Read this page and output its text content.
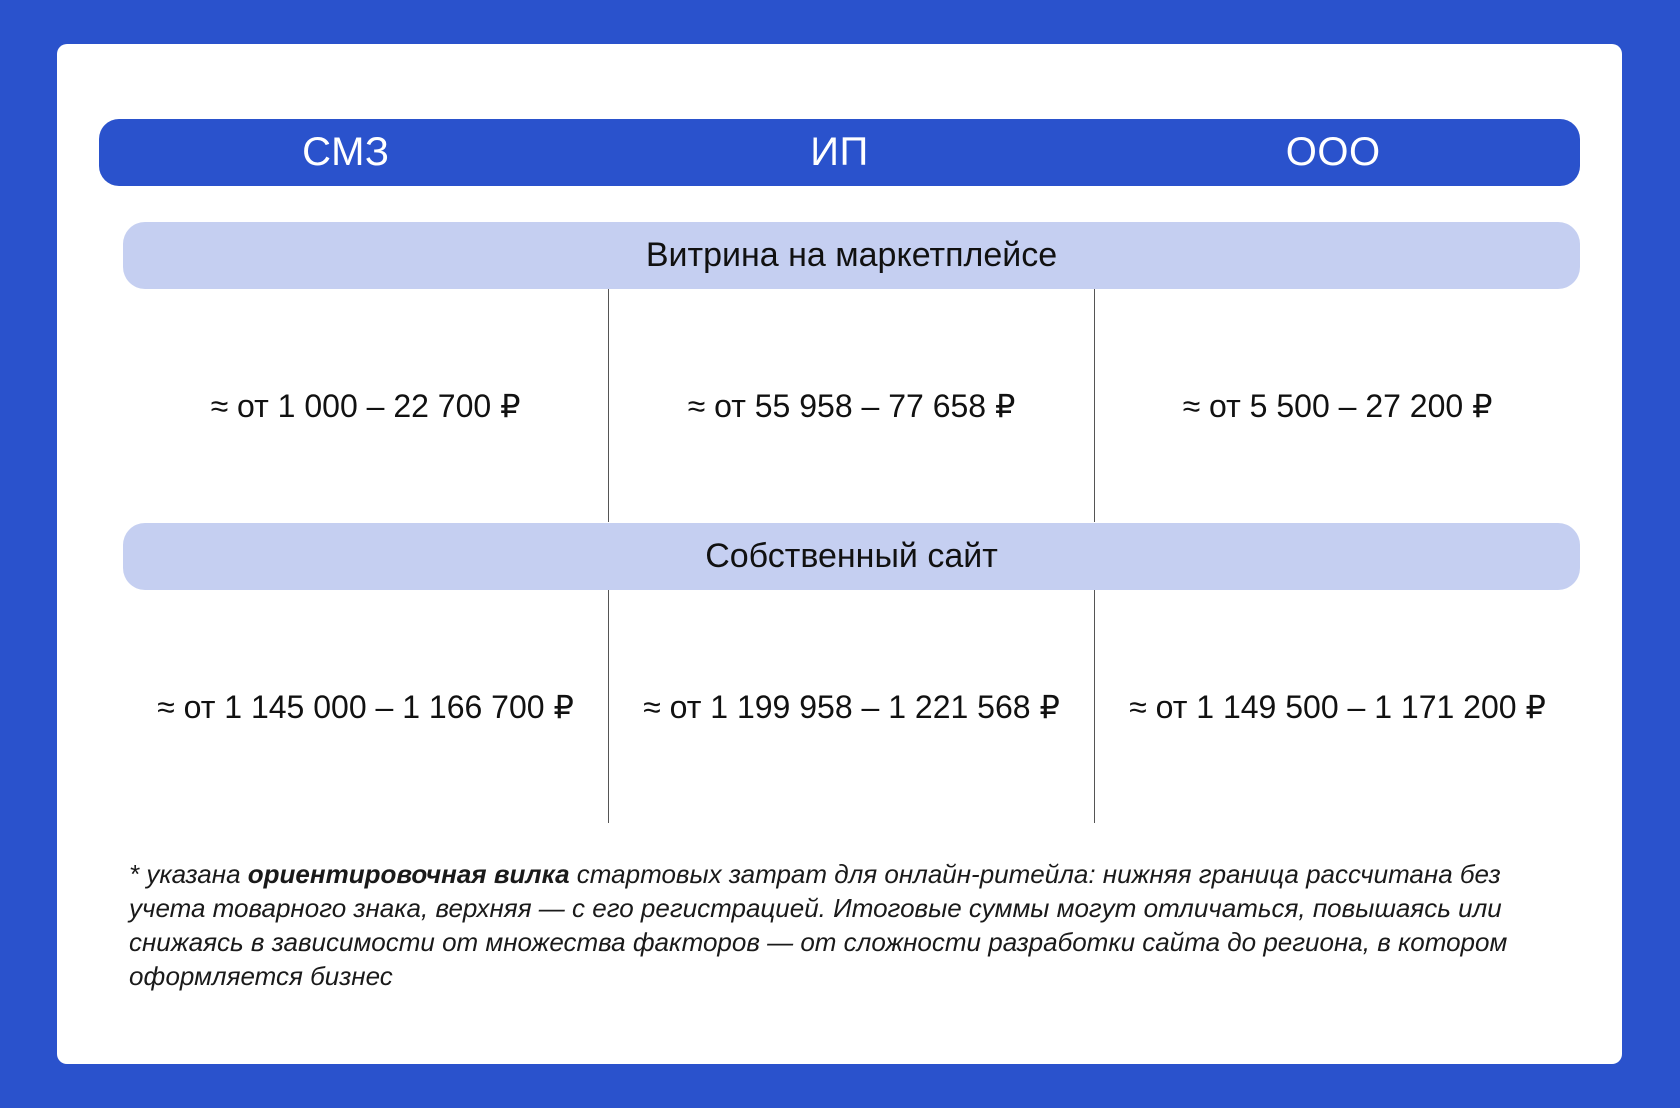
СМЗ	ИП	ООО
Витрина на маркетплейсе
≈ от 1 000 – 22 700 ₽	≈ от 55 958 – 77 658 ₽	≈ от 5 500 – 27 200 ₽
Собственный сайт
≈ от 1 145 000 – 1 166 700 ₽	≈ от 1 199 958 – 1 221 568 ₽	≈ от 1 149 500 – 1 171 200 ₽

* указана ориентировочная вилка стартовых затрат для онлайн-ритейла: нижняя граница рассчитана без учета товарного знака, верхняя — с его регистрацией. Итоговые суммы могут отличаться, повышаясь или снижаясь в зависимости от множества факторов — от сложности разработки сайта до региона, в котором оформляется бизнес
